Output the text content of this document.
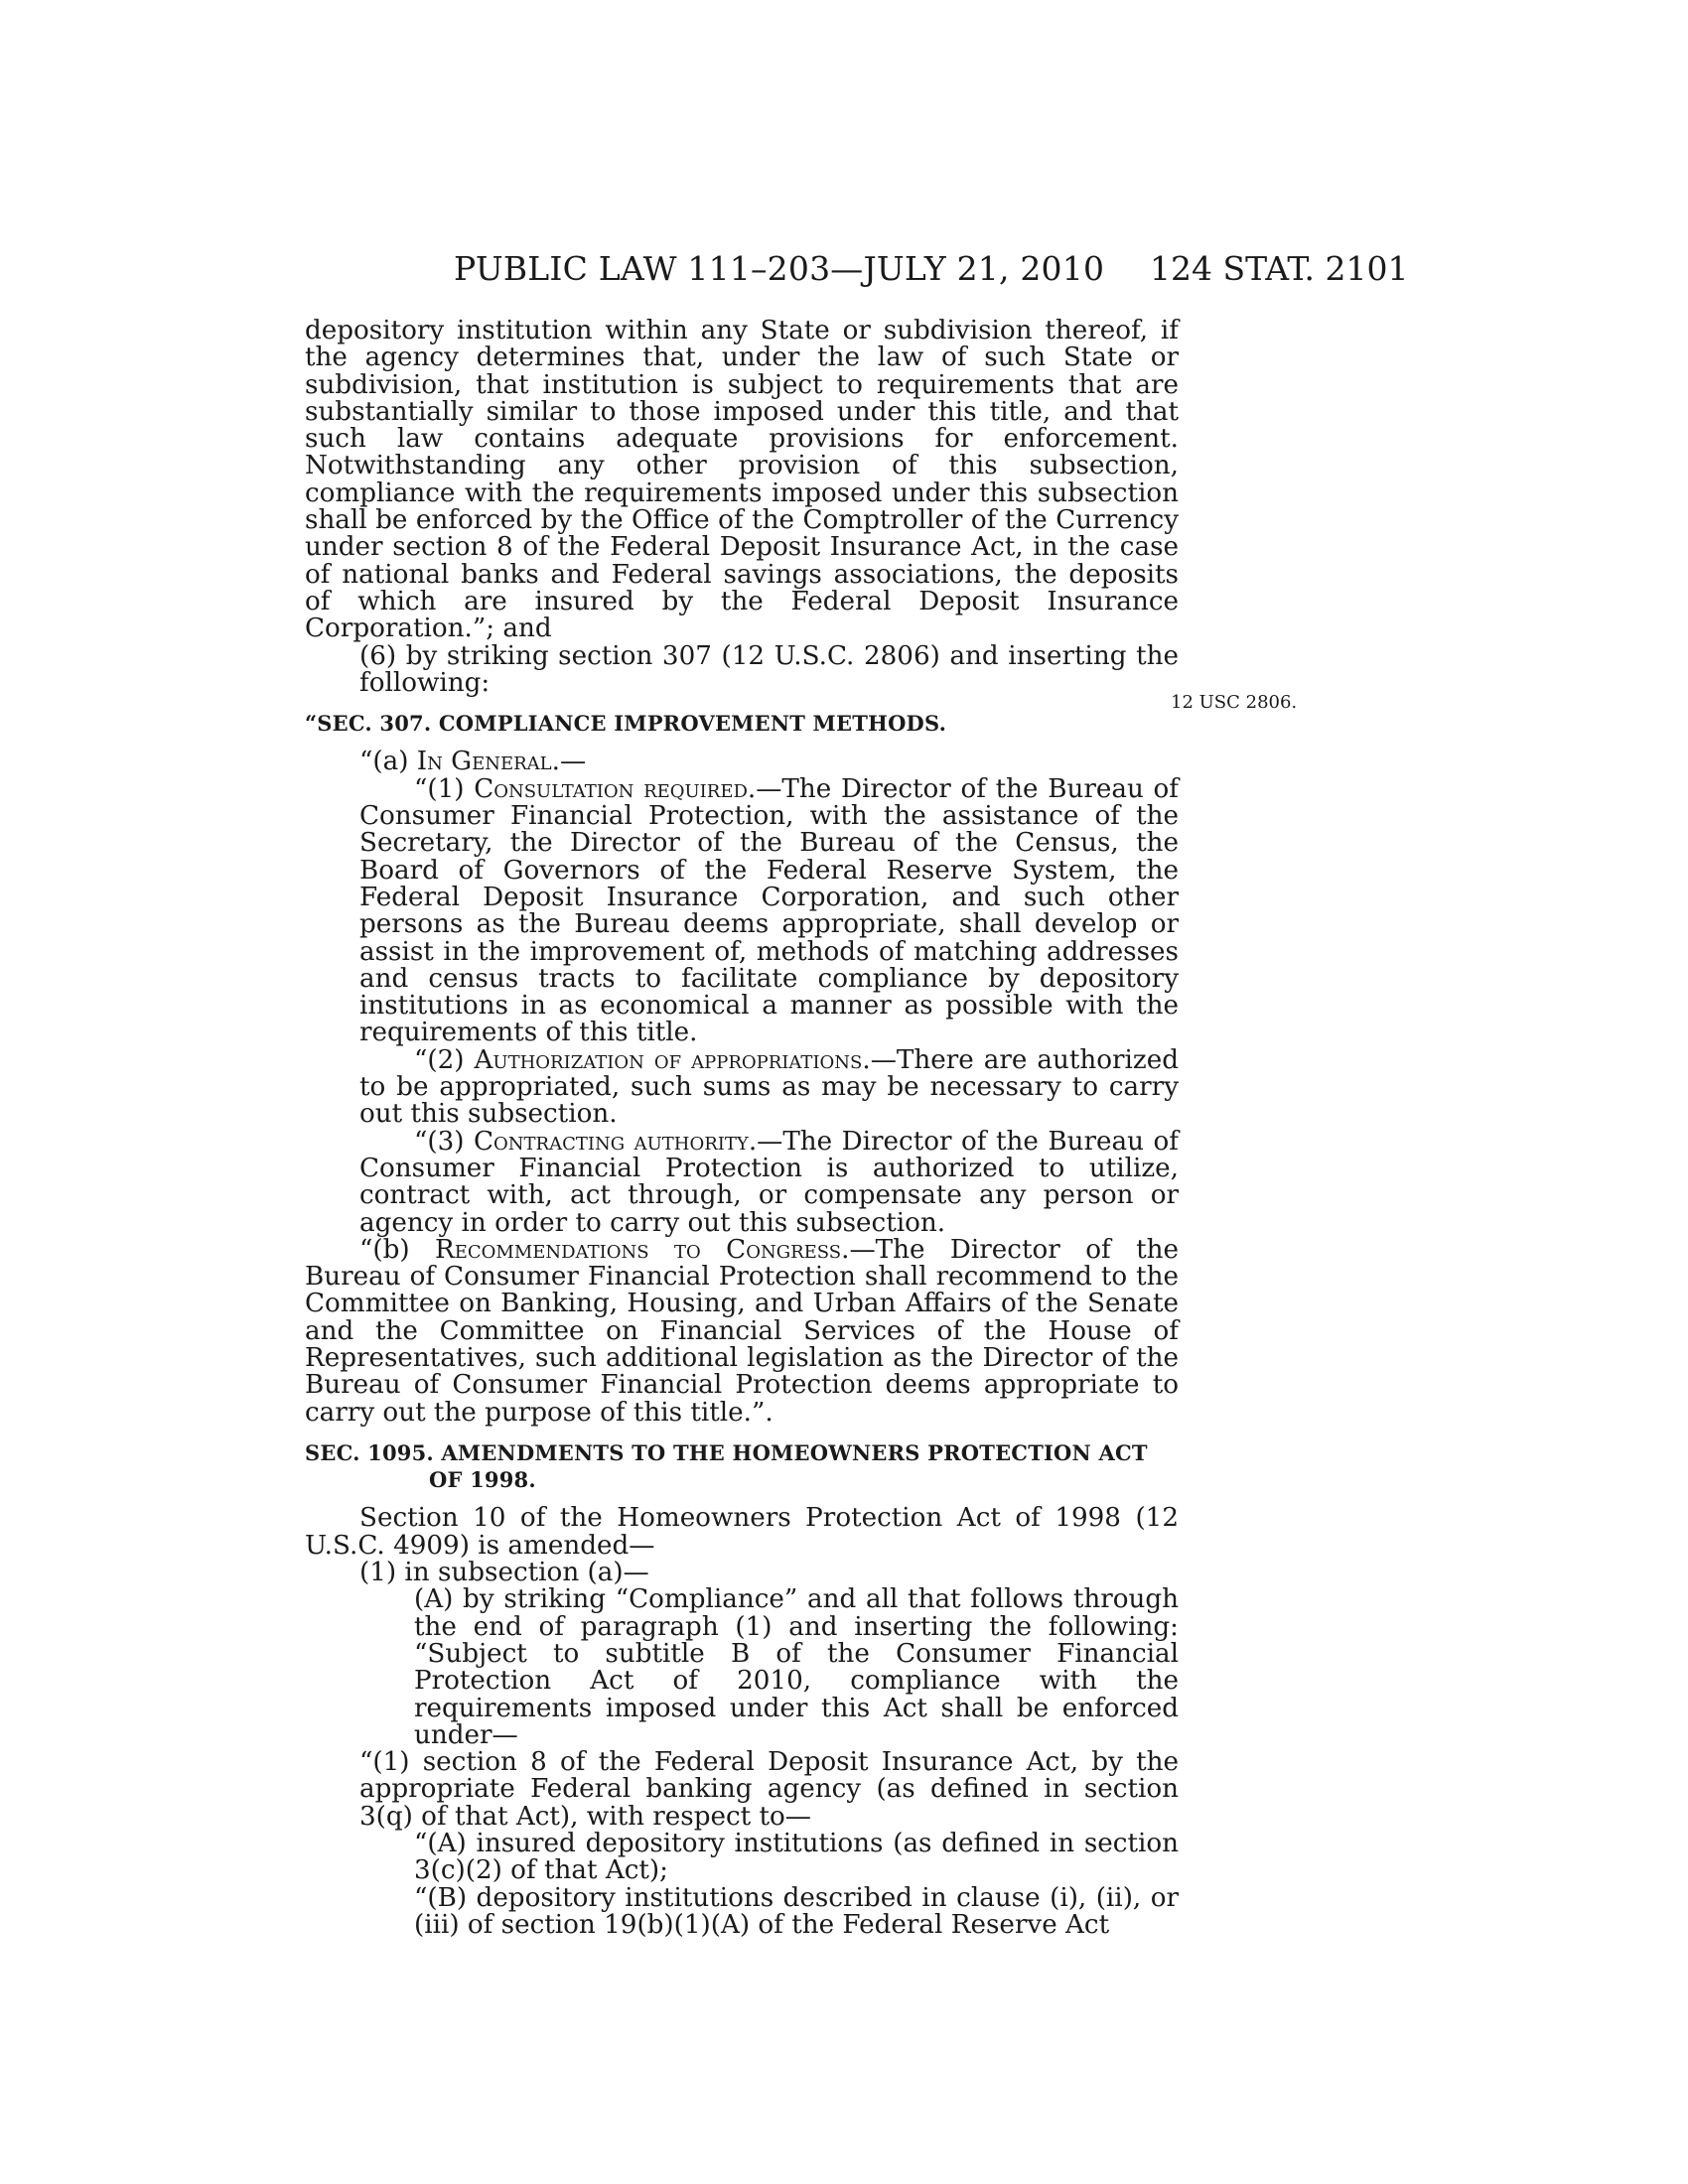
PUBLIC LAW 111–203—JULY 21, 2010 124 STAT. 2101
12 USC 2806.

depository institution within any State or subdivision thereof, if the agency determines that, under the law of such State or subdivision, that institution is subject to requirements that are substantially similar to those imposed under this title, and that such law contains adequate provisions for enforcement. Notwithstanding any other provision of this subsection, compliance with the requirements imposed under this subsection shall be enforced by the Office of the Comptroller of the Currency under section 8 of the Federal Deposit Insurance Act, in the case of national banks and Federal savings associations, the deposits of which are insured by the Federal Deposit Insurance Corporation.”; and

(6) by striking section 307 (12 U.S.C. 2806) and inserting the following:

“SEC. 307. COMPLIANCE IMPROVEMENT METHODS.

“(a) In General.—

“(1) Consultation required.—The Director of the Bureau of Consumer Financial Protection, with the assistance of the Secretary, the Director of the Bureau of the Census, the Board of Governors of the Federal Reserve System, the Federal Deposit Insurance Corporation, and such other persons as the Bureau deems appropriate, shall develop or assist in the improvement of, methods of matching addresses and census tracts to facilitate compliance by depository institutions in as economical a manner as possible with the requirements of this title.

“(2) Authorization of appropriations.—There are authorized to be appropriated, such sums as may be necessary to carry out this subsection.

“(3) Contracting authority.—The Director of the Bureau of Consumer Financial Protection is authorized to utilize, contract with, act through, or compensate any person or agency in order to carry out this subsection.

“(b) Recommendations to Congress.—The Director of the Bureau of Consumer Financial Protection shall recommend to the Committee on Banking, Housing, and Urban Affairs of the Senate and the Committee on Financial Services of the House of Representatives, such additional legislation as the Director of the Bureau of Consumer Financial Protection deems appropriate to carry out the purpose of this title.”.

SEC. 1095. AMENDMENTS TO THE HOMEOWNERS PROTECTION ACT OF 1998.

Section 10 of the Homeowners Protection Act of 1998 (12 U.S.C. 4909) is amended—

(1) in subsection (a)—

(A) by striking “Compliance” and all that follows through the end of paragraph (1) and inserting the following: “Subject to subtitle B of the Consumer Financial Protection Act of 2010, compliance with the requirements imposed under this Act shall be enforced under—

“(1) section 8 of the Federal Deposit Insurance Act, by the appropriate Federal banking agency (as defined in section 3(q) of that Act), with respect to—

“(A) insured depository institutions (as defined in section 3(c)(2) of that Act);

“(B) depository institutions described in clause (i), (ii), or (iii) of section 19(b)(1)(A) of the Federal Reserve Act
